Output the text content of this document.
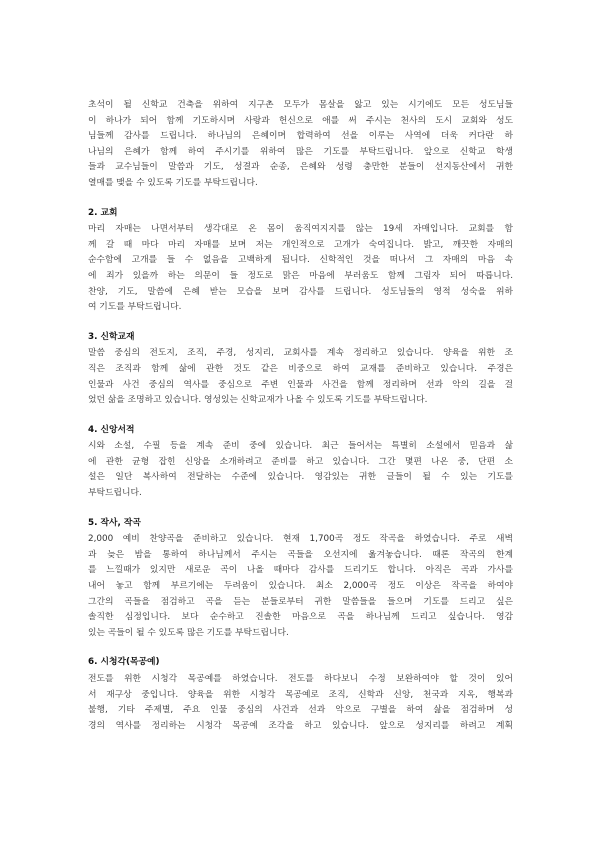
초석이 될 신학교 건축을 위하여 지구촌 모두가 몸살을 앓고 있는 시기에도 모든 성도님들
이 하나가 되어 함께 기도하시며 사랑과 헌신으로 애를 써 주시는 천사의 도시 교회와 성도
님들께 감사를 드립니다. 하나님의 은혜이며 합력하여 선을 이루는 사역에 더욱 커다란 하
나님의 은혜가 함께 하여 주시기를 위하여 많은 기도를 부탁드립니다. 앞으로 신학교 학생
들과 교수님들이 말씀과 기도, 성결과 순종, 은혜와 성령 충만한 분들이 선지동산에서 귀한
열매를 맺을 수 있도록 기도를 부탁드립니다.
2. 교회
마리 자매는 나면서부터 생각대로 온 몸이 움직여지지를 않는 19세 자매입니다. 교회를 함
께 갈 때 마다 마리 자매를 보며 저는 개인적으로 고개가 숙여집니다. 밝고, 깨끗한 자매의
순수함에 고개를 들 수 없음을 고백하게 됩니다. 신학적인 것을 떠나서 그 자매의 마음 속
에 죄가 있을까 하는 의문이 들 정도로 맑은 마음에 부러움도 함께 그림자 되어 따릅니다.
찬양, 기도, 말씀에 은혜 받는 모습을 보며 감사를 드립니다. 성도님들의 영적 성숙을 위하
여 기도를 부탁드립니다.
3. 신학교재
말씀 중심의 전도지, 조직, 주경, 성지리, 교회사를 계속 정리하고 있습니다. 양육을 위한 조
직은 조직과 함께 삶에 관한 것도 같은 비중으로 하여 교재를 준비하고 있습니다. 주경은
인물과 사건 중심의 역사를 중심으로 주변 인물과 사건을 함께 정리하며 선과 악의 길을 걸
었던 삶을 조명하고 있습니다. 영성있는 신학교재가 나올 수 있도록 기도를 부탁드립니다.
4. 신앙서적
시와 소설, 수필 등을 계속 준비 중에 있습니다. 최근 들어서는 특별히 소설에서 믿음과 삶
에 관한 균형 잡힌 신앙을 소개하려고 준비를 하고 있습니다. 그간 몇편 나온 중, 단편 소
설은 일단 복사하여 전달하는 수준에 있습니다. 영감있는 귀한 글들이 될 수 있는 기도를
부탁드립니다.
5. 작사, 작곡
2,000 예비 찬양곡을 준비하고 있습니다. 현재 1,700곡 정도 작곡을 하였습니다. 주로 새벽
과 늦은 밤을 통하여 하나님께서 주시는 곡들을 오선지에 옮겨놓습니다. 때론 작곡의 한계
를 느낄때가 있지만 새로운 곡이 나올 때마다 감사를 드리기도 합니다. 아직은 곡과 가사를
내어 놓고 함께 부르기에는 두려움이 있습니다. 최소 2,000곡 정도 이상은 작곡을 하여야
그간의 곡들을 점검하고 곡을 듣는 분들로부터 귀한 말씀들을 들으며 기도를 드리고 싶은
솔직한 심정입니다. 보다 순수하고 진솔한 마음으로 곡을 하나님께 드리고 싶습니다. 영감
있는 곡들이 될 수 있도록 많은 기도를 부탁드립니다.
6. 시청각(목공예)
전도를 위한 시청각 목공예를 하였습니다. 전도를 하다보니 수정 보완하여야 할 것이 있어
서 재구상 중입니다. 양육을 위한 시청각 목공예로 조직, 신학과 신앙, 천국과 지옥, 행복과
불행, 기타 주제별, 주요 인물 중심의 사건과 선과 악으로 구별을 하여 삶을 점검하며 성
경의 역사를 정리하는 시청각 목공예 조각을 하고 있습니다. 앞으로 성지리를 하려고 계획
